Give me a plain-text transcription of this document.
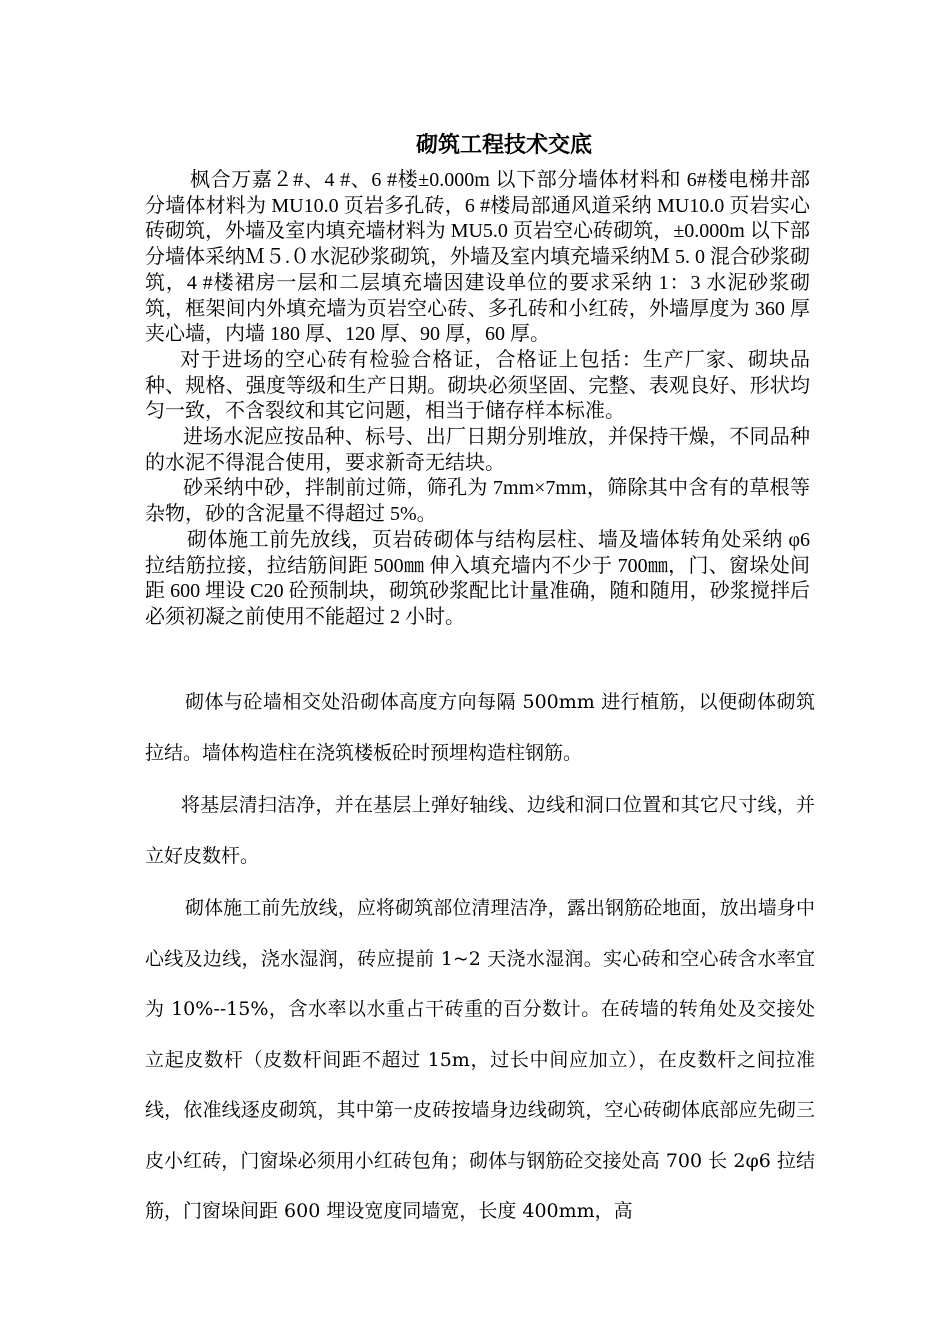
砌筑工程技术交底

枫合万嘉２#、4 #、6 #楼±0.000m 以下部分墙体材料和 6#楼电梯井部分墙体材料为 MU10.0 页岩多孔砖，6 #楼局部通风道采纳 MU10.0 页岩实心砖砌筑，外墙及室内填充墙材料为 MU5.0 页岩空心砖砌筑，±0.000m 以下部分墙体采纳Ｍ５.０水泥砂浆砌筑，外墙及室内填充墙采纳Ｍ 5. 0 混合砂浆砌筑，4 #楼裙房一层和二层填充墙因建设单位的要求采纳 1：3 水泥砂浆砌筑，框架间内外填充墙为页岩空心砖、多孔砖和小红砖，外墙厚度为 360 厚夹心墙，内墙 180 厚、120 厚、90 厚，60 厚。

对于进场的空心砖有检验合格证，合格证上包括：生产厂家、砌块品种、规格、强度等级和生产日期。砌块必须坚固、完整、表观良好、形状均匀一致，不含裂纹和其它问题，相当于储存样本标准。

进场水泥应按品种、标号、出厂日期分别堆放，并保持干燥，不同品种的水泥不得混合使用，要求新奇无结块。

砂采纳中砂，拌制前过筛，筛孔为 7mm×7mm，筛除其中含有的草根等杂物，砂的含泥量不得超过 5%。

砌体施工前先放线，页岩砖砌体与结构层柱、墙及墙体转角处采纳 φ6 拉结筋拉接，拉结筋间距 500㎜ 伸入填充墙内不少于 700㎜，门、窗垛处间距 600 埋设 C20 砼预制块，砌筑砂浆配比计量准确，随和随用，砂浆搅拌后必须初凝之前使用不能超过 2 小时。

砌体与砼墙相交处沿砌体高度方向每隔 500mm 进行植筋，以便砌体砌筑拉结。墙体构造柱在浇筑楼板砼时预埋构造柱钢筋。

将基层清扫洁净，并在基层上弹好轴线、边线和洞口位置和其它尺寸线，并立好皮数杆。

砌体施工前先放线，应将砌筑部位清理洁净，露出钢筋砼地面，放出墙身中心线及边线，浇水湿润，砖应提前 1~2 天浇水湿润。实心砖和空心砖含水率宜为 10%--15%，含水率以水重占干砖重的百分数计。在砖墙的转角处及交接处立起皮数杆（皮数杆间距不超过 15m，过长中间应加立），在皮数杆之间拉准线，依准线逐皮砌筑，其中第一皮砖按墙身边线砌筑，空心砖砌体底部应先砌三皮小红砖，门窗垛必须用小红砖包角；砌体与钢筋砼交接处高 700 长 2φ6 拉结筋，门窗垛间距 600 埋设宽度同墙宽，长度 400mm，高
